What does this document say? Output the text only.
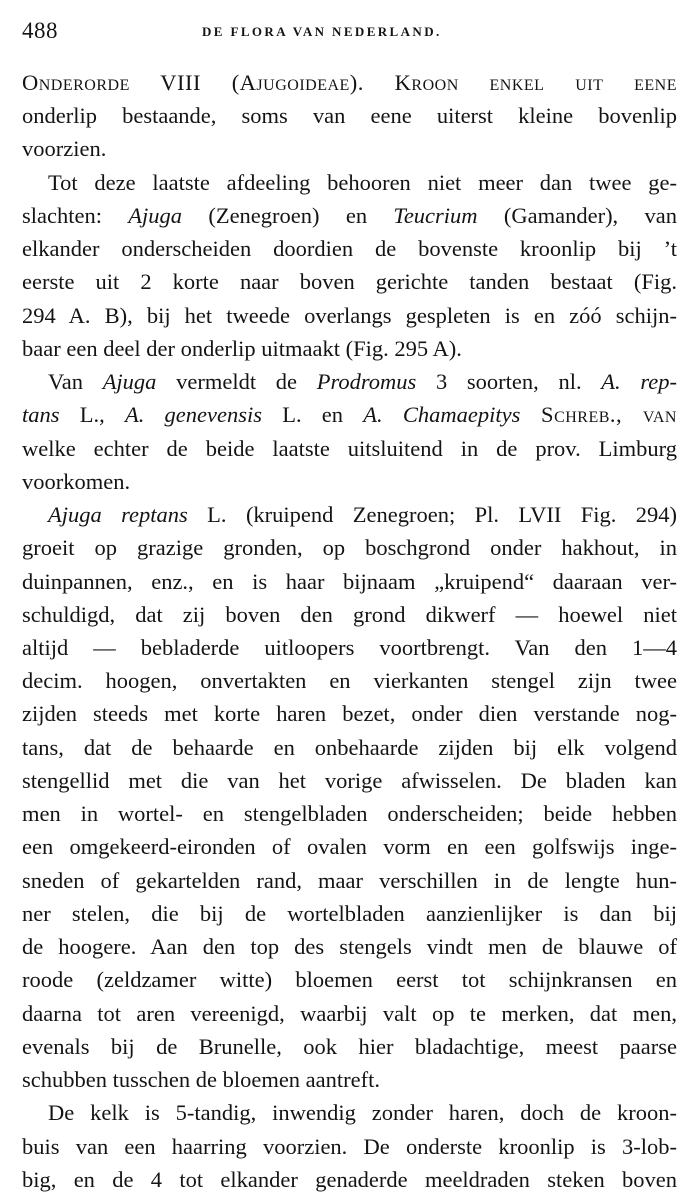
488	DE FLORA VAN NEDERLAND.
Onderorde VIII (Ajugoideae). Kroon enkel uit eene
onderlip bestaande, soms van eene uiterst kleine bovenlip
voorzien.
Tot deze laatste afdeeling behooren niet meer dan twee ge-
slachten: Ajuga (Zenegroen) en Teucrium (Gamander), van
elkander onderscheiden doordien de bovenste kroonlip bij ’t
eerste uit 2 korte naar boven gerichte tanden bestaat (Fig.
294 A. B), bij het tweede overlangs gespleten is en zóó schijn-
baar een deel der onderlip uitmaakt (Fig. 295 A).
Van Ajuga vermeldt de Prodromus 3 soorten, nl. A. rep-
tans L., A. genevensis L. en A. Chamaepitys Schreb., van
welke echter de beide laatste uitsluitend in de prov. Limburg
voorkomen.
Ajuga reptans L. (kruipend Zenegroen; Pl. LVII Fig. 294)
groeit op grazige gronden, op boschgrond onder hakhout, in
duinpannen, enz., en is haar bijnaam „kruipend“ daaraan ver-
schuldigd, dat zij boven den grond dikwerf — hoewel niet
altijd — bebladerde uitloopers voortbrengt. Van den 1—4
decim. hoogen, onvertakten en vierkanten stengel zijn twee
zijden steeds met korte haren bezet, onder dien verstande nog-
tans, dat de behaarde en onbehaarde zijden bij elk volgend
stengellid met die van het vorige afwisselen. De bladen kan
men in wortel- en stengelbladen onderscheiden; beide hebben
een omgekeerd-eironden of ovalen vorm en een golfswijs inge-
sneden of gekartelden rand, maar verschillen in de lengte hun-
ner stelen, die bij de wortelbladen aanzienlijker is dan bij
de hoogere. Aan den top des stengels vindt men de blauwe of
roode (zeldzamer witte) bloemen eerst tot schijnkransen en
daarna tot aren vereenigd, waarbij valt op te merken, dat men,
evenals bij de Brunelle, ook hier bladachtige, meest paarse
schubben tusschen de bloemen aantreft.
De kelk is 5-tandig, inwendig zonder haren, doch de kroon-
buis van een haarring voorzien. De onderste kroonlip is 3-lob-
big, en de 4 tot elkander genaderde meeldraden steken boven
